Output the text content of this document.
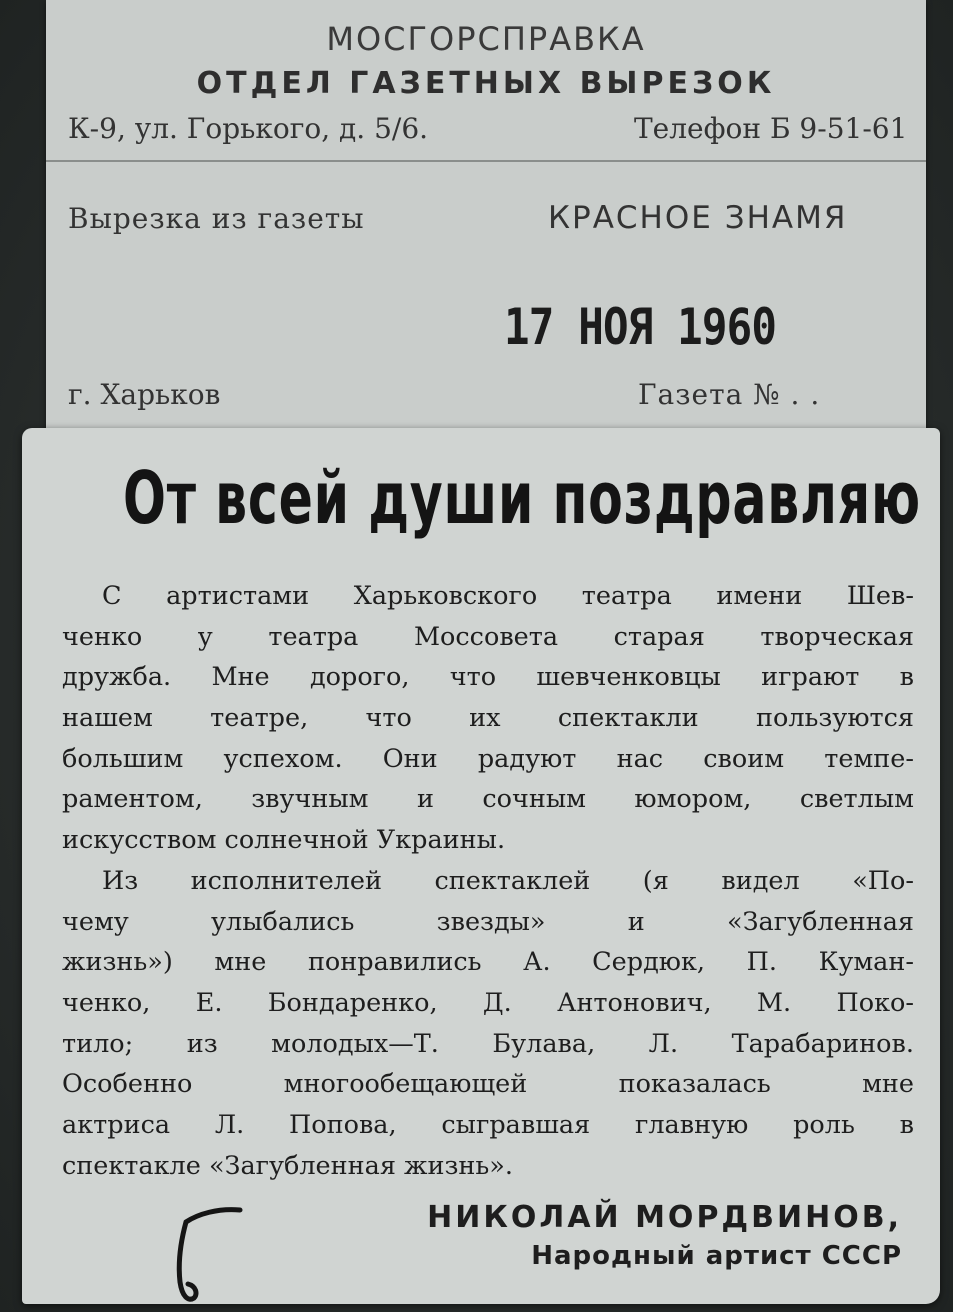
МОСГОРСПРАВКА
ОТДЕЛ ГАЗЕТНЫХ ВЫРЕЗОК
К-9, ул. Горького, д. 5/6.	Телефон Б 9-51-61
Вырезка из газеты	КРАСНОЕ ЗНАМЯ
17 НОЯ 1960
г. Харьков	Газета № . .
От всей души поздравляю
С артистами Харьковского театра имени Шев-
ченко у театра Моссовета старая творческая
дружба. Мне дорого, что шевченковцы играют в
нашем театре, что их спектакли пользуются
большим успехом. Они радуют нас своим темпе-
раментом, звучным и сочным юмором, светлым
искусством солнечной Украины.
Из исполнителей спектаклей (я видел «По-
чему улыбались звезды» и «Загубленная
жизнь») мне понравились А. Сердюк, П. Куман-
ченко, Е. Бондаренко, Д. Антонович, М. Поко-
тило; из молодых—Т. Булава, Л. Тарабаринов.
Особенно многообещающей показалась мне
актриса Л. Попова, сыгравшая главную роль в
спектакле «Загубленная жизнь».
НИКОЛАЙ МОРДВИНОВ,
Народный артист СССР
